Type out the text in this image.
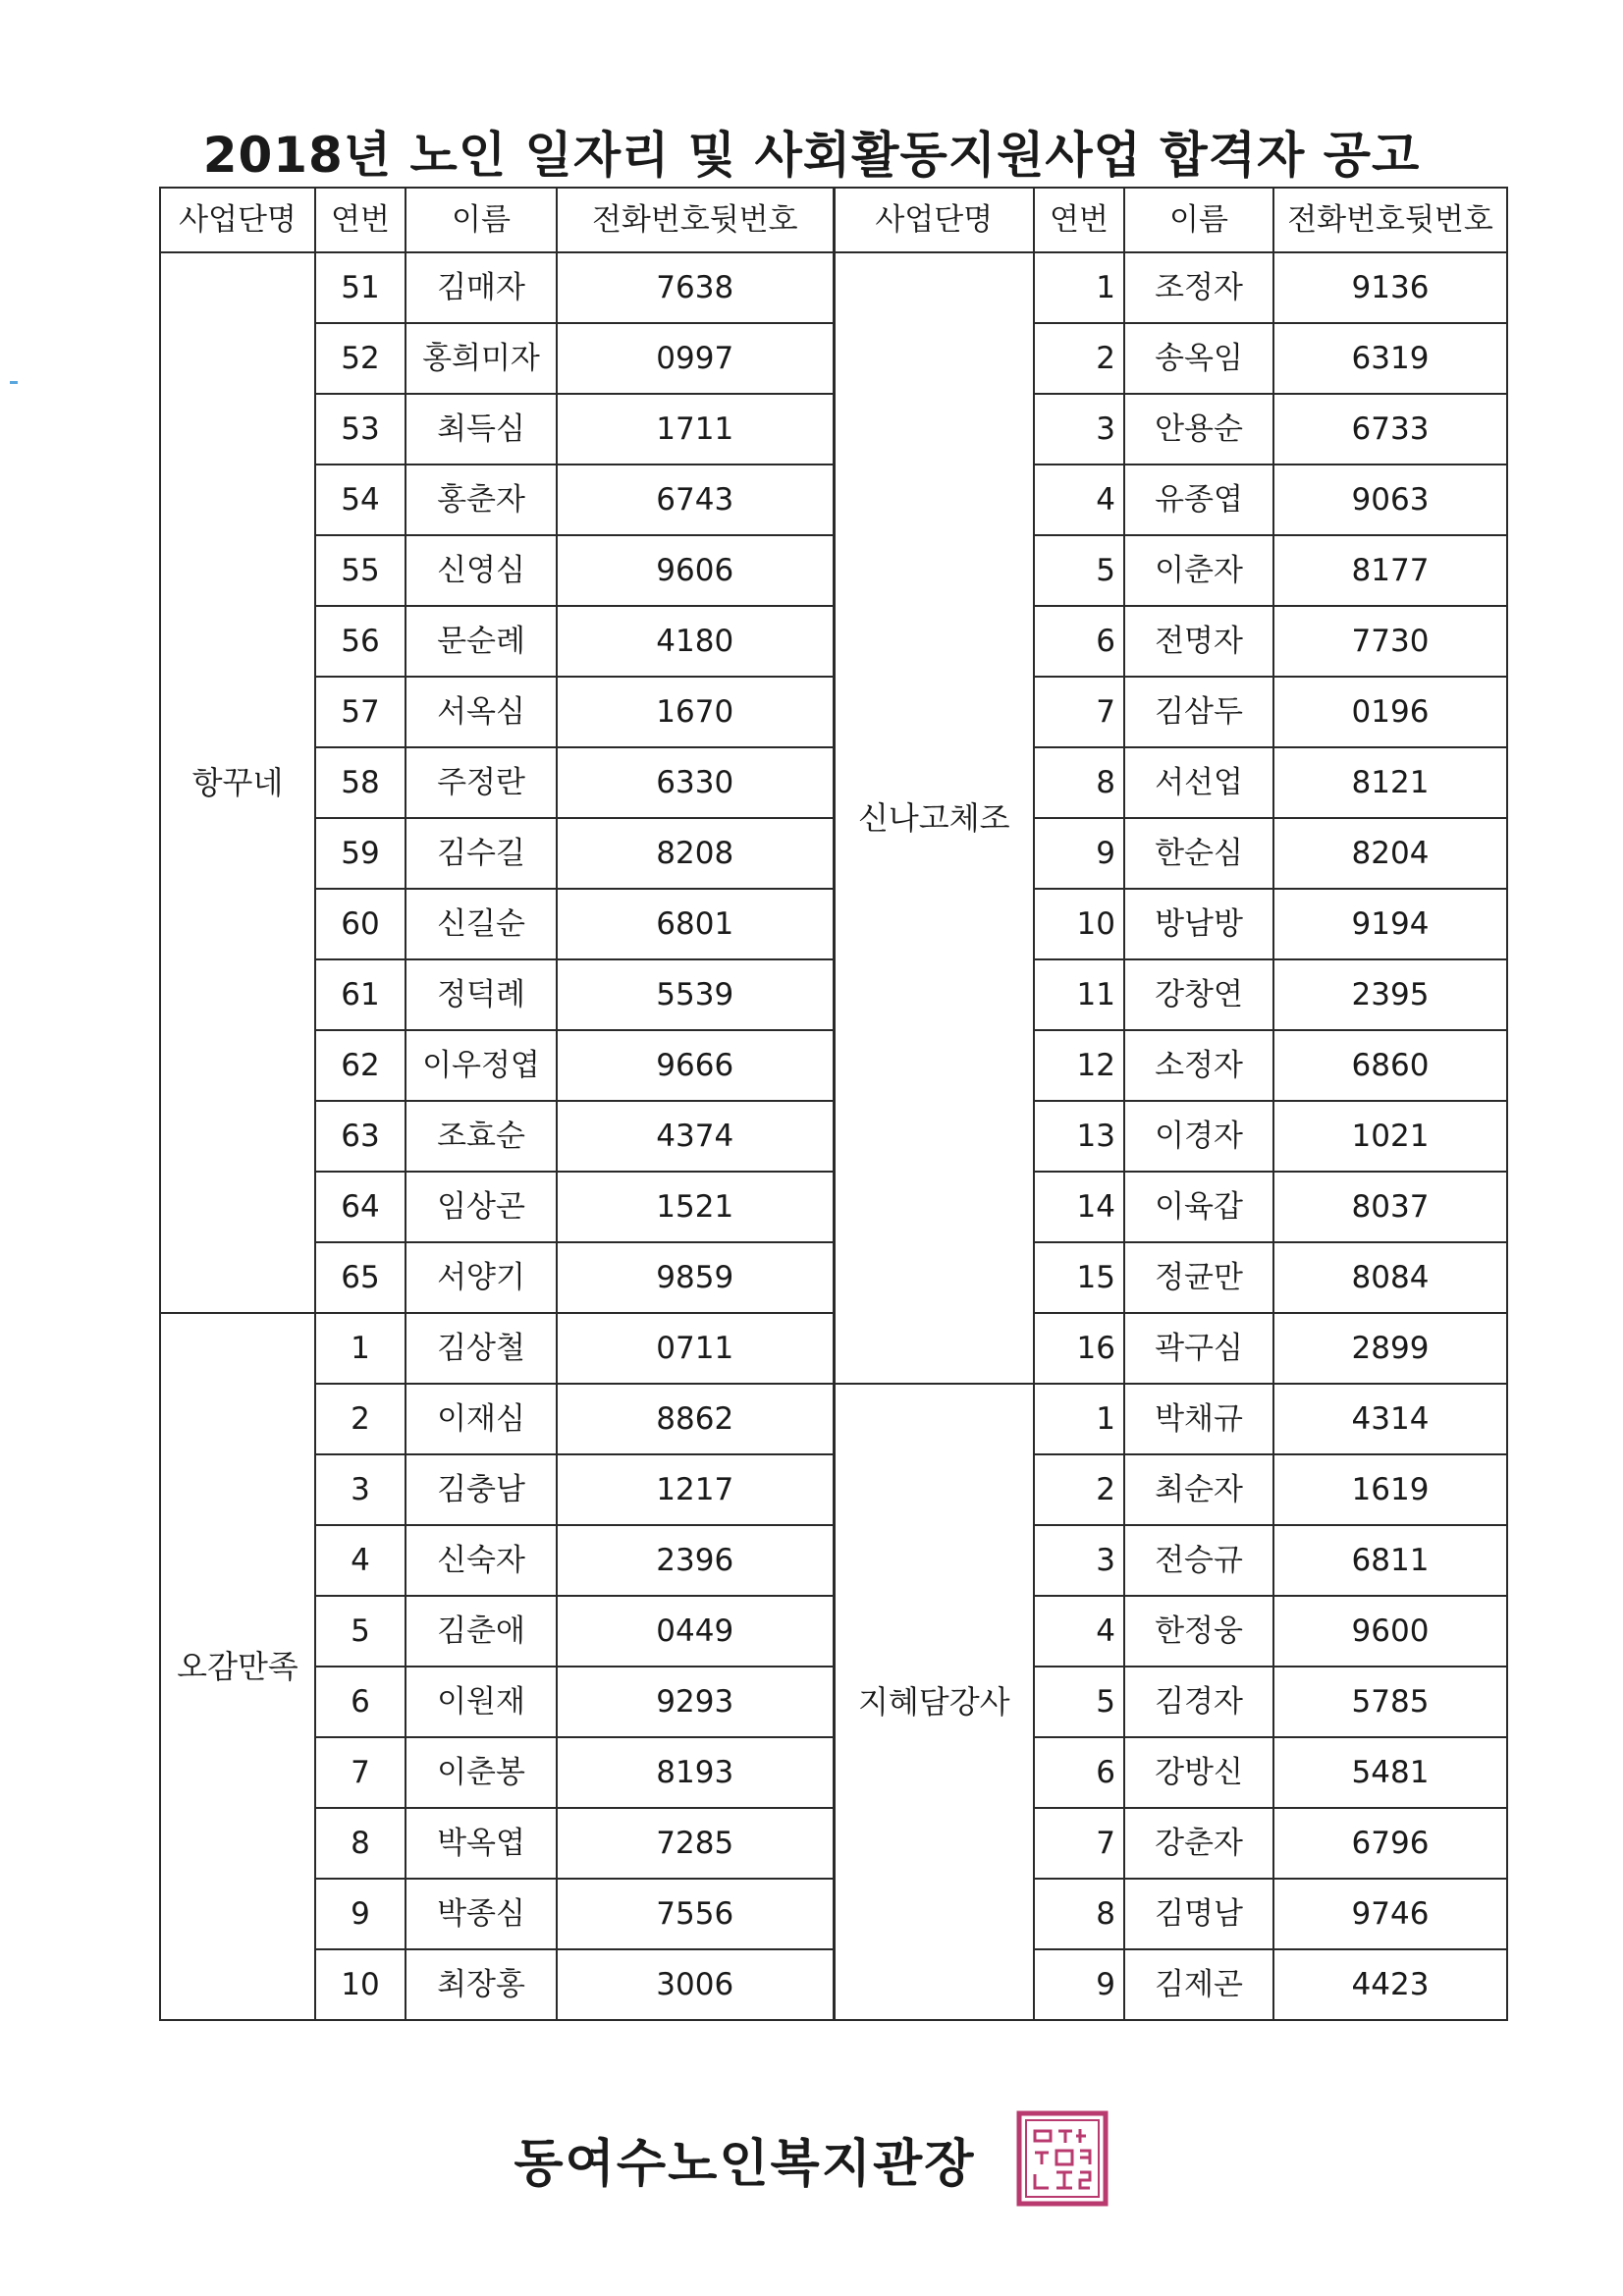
2018년 노인 일자리 및 사회활동지원사업 합격자 공고
사업단명	연번	이름	전화번호뒷번호	사업단명	연번	이름	전화번호뒷번호
항꾸네	51	김매자	7638	신나고체조	1	조정자	9136
	52	홍희미자	0997		2	송옥임	6319
	53	최득심	1711		3	안용순	6733
	54	홍춘자	6743		4	유종엽	9063
	55	신영심	9606		5	이춘자	8177
	56	문순례	4180		6	전명자	7730
	57	서옥심	1670		7	김삼두	0196
	58	주정란	6330		8	서선업	8121
	59	김수길	8208		9	한순심	8204
	60	신길순	6801		10	방남방	9194
	61	정덕례	5539		11	강창연	2395
	62	이우정엽	9666		12	소정자	6860
	63	조효순	4374		13	이경자	1021
	64	임상곤	1521		14	이육갑	8037
	65	서양기	9859		15	정균만	8084
오감만족	1	김상철	0711		16	곽구심	2899
	2	이재심	8862	지혜담강사	1	박채규	4314
	3	김충남	1217		2	최순자	1619
	4	신숙자	2396		3	전승규	6811
	5	김춘애	0449		4	한정웅	9600
	6	이원재	9293		5	김경자	5785
	7	이춘봉	8193		6	강방신	5481
	8	박옥엽	7285		7	강춘자	6796
	9	박종심	7556		8	김명남	9746
	10	최장홍	3006		9	김제곤	4423
동여수노인복지관장
